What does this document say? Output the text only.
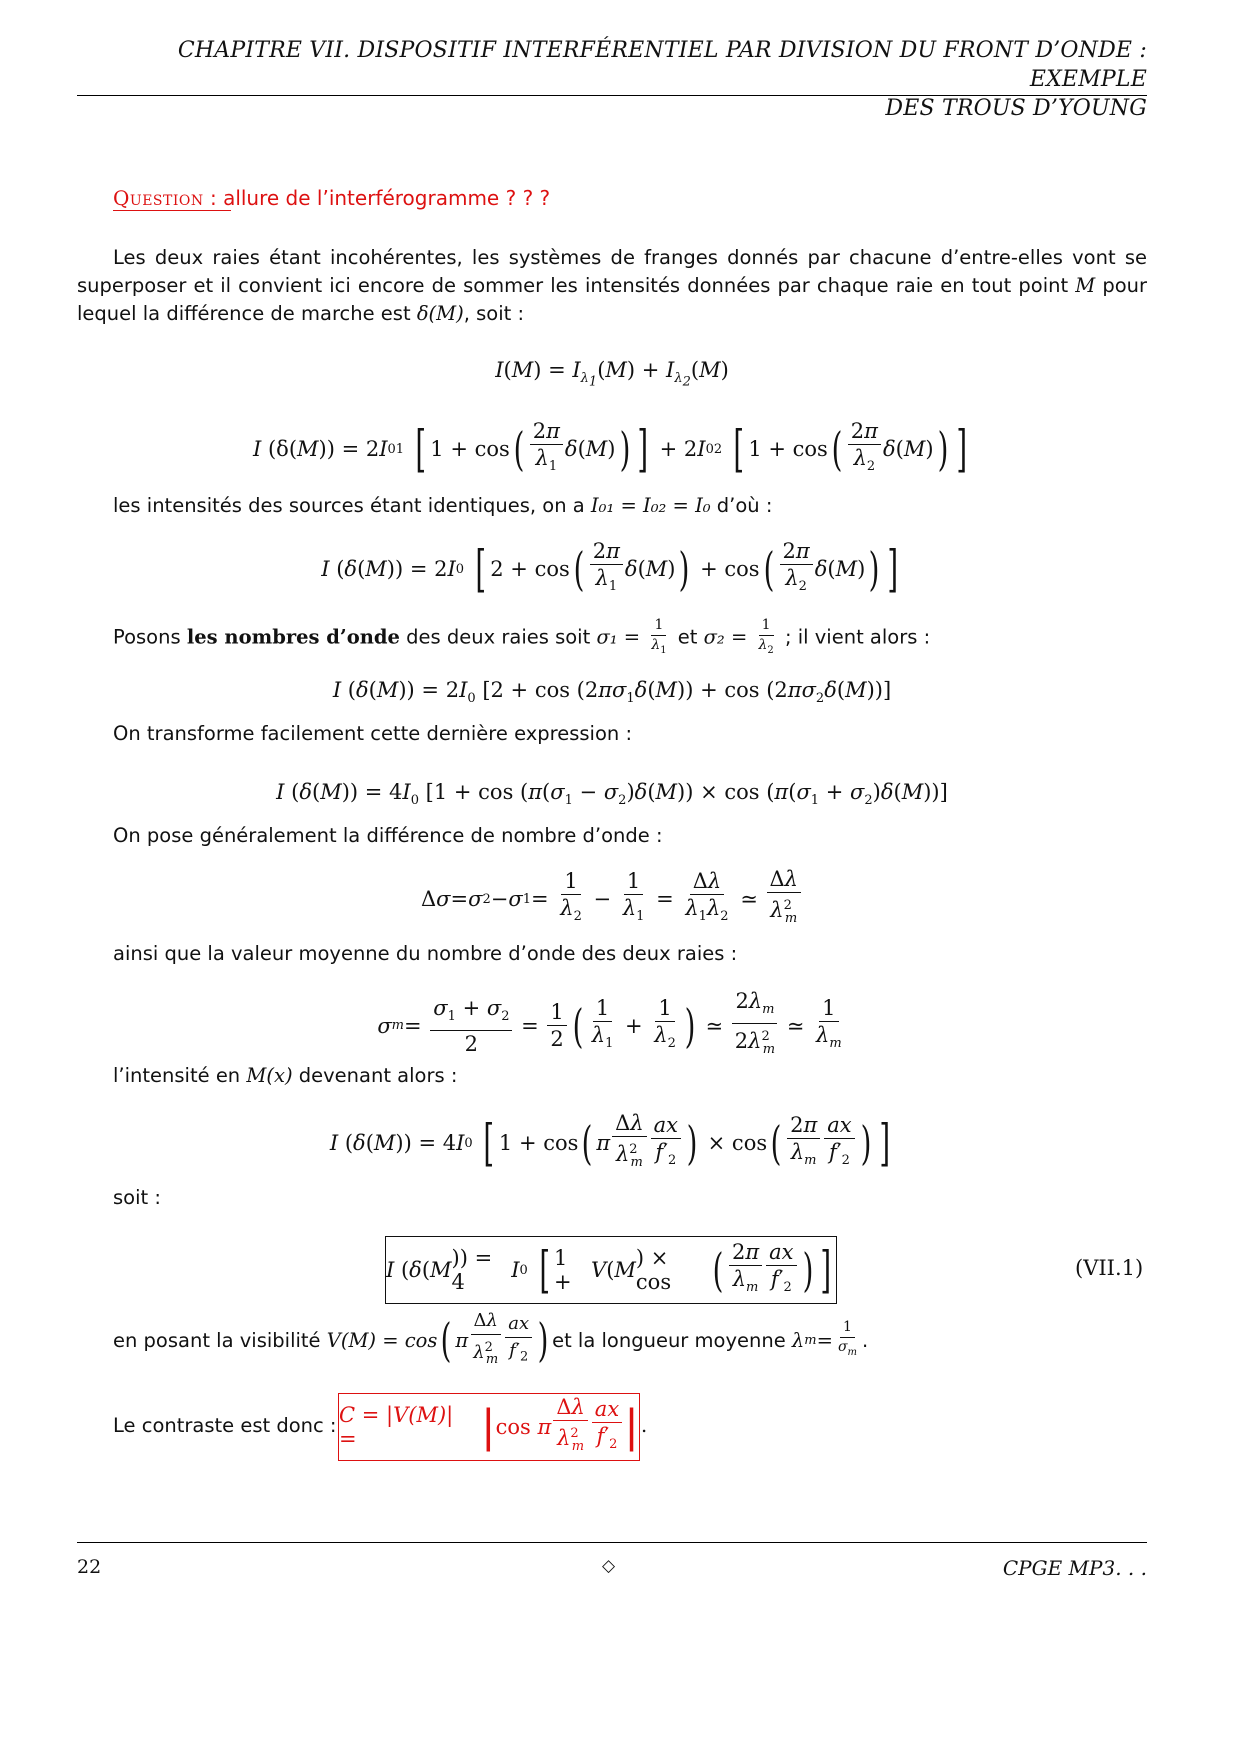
CHAPITRE VII. DISPOSITIF INTERFÉRENTIEL PAR DIVISION DU FRONT D’ONDE : EXEMPLE
DES TROUS D’YOUNG
Question : allure de l’interférogramme ? ? ?
Les deux raies étant incohérentes, les systèmes de franges donnés par chacune d’entre-elles vont se superposer et il convient ici encore de sommer les intensités données par chaque raie en tout point M pour lequel la différence de marche est δ(M), soit :
$I(M) = I_{\lambda_1}(M) + I_{\lambda_2}(M)$
I ( δ ( M )) = 2 I 01
[ 1 + cos ( $\frac{2\pi}{\lambda_1}$ δ ( M ) ) ] + 2 I 02
[ 1 + cos ( $\frac{2\pi}{\lambda_2}$ δ ( M ) ) ]
les intensités des sources étant identiques, on a I₀₁ = I₀₂ = I₀ d’où :
I ( δ ( M )) = 2 I 0
[ 2 + cos ( $\frac{2\pi}{\lambda_1}$ δ ( M ) ) + cos ( $\frac{2\pi}{\lambda_2}$ δ ( M ) ) ]
Posons les nombres d’onde des deux raies soit $\sigma_1 = \frac{1}{\lambda_1}$ et $\sigma_2 = \frac{1}{\lambda_2}$ ; il vient alors :
I $(\delta(M)) = 2I_0$ $[2 + \cos (2\pi\sigma_1\delta(M)) + \cos (2\pi\sigma_2\delta(M))]$
On transforme facilement cette dernière expression :
I $(\delta(M)) = 4I_0$ $[1 + \cos (\pi(\sigma_1 - \sigma_2)\delta(M)) \times \cos (\pi(\sigma_1 + \sigma_2)\delta(M))]$
On pose généralement la différence de nombre d’onde :
Δ σ = σ 2 − σ $1 = \frac{1}{\lambda_2} - \frac{1}{\lambda_1} = \frac{\Delta\lambda}{\lambda_1\lambda_2}$ ≃ $\frac{\Delta\lambda}{\lambda^2_m}$
ainsi que la valeur moyenne du nombre d’onde des deux raies :
σ $m = \frac{\sigma_1 + \sigma_2}{2} = \frac{1}{2}$ ( $\frac{1}{\lambda_1} + \frac{1}{\lambda_2}$ ) ≃ $\frac{2\lambda_m}{2\lambda^2_m}$ ≃ $\frac{1}{\lambda_m}$
l’intensité en M(x) devenant alors :
I ( δ ( M )) = 4 I 0
[ 1 + cos ( π $\frac{\Delta\lambda}{\lambda^2_m} \frac{ax}{f'_2}$ ) × cos ( $\frac{2\pi}{\lambda_m} \frac{ax}{f'_2}$ ) ]
soit :
I ( δ ( M )) = 4 I 0
[ 1 + V ( M ) × cos ( $\frac{2\pi}{\lambda_m} \frac{ax}{f'_2}$ ) ]	(VII.1)
en posant la visibilité
V(M) = cos ( π $\frac{\Delta\lambda}{\lambda^2_m} \frac{ax}{f'_2}$ ) et la longueur moyenne
λ $m = \frac{1}{\sigma_m}$ .
Le contraste est donc : C = |V(M)| =
	| cos π $\frac{\Delta\lambda}{\lambda^2_m} \frac{ax}{f'_2}$ | .
22	◇	CPGE MP3. . .
